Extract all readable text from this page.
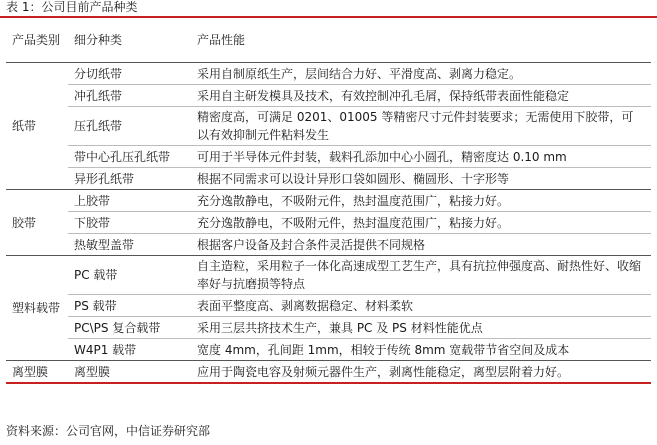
表 1：公司目前产品种类
产品类别	细分种类	产品性能
纸带	分切纸带	采用自制原纸生产，层间结合力好、平滑度高、剥离力稳定。
	冲孔纸带	采用自主研发模具及技术，有效控制冲孔毛屑，保持纸带表面性能稳定
	压孔纸带	精密度高，可满足 0201、01005 等精密尺寸元件封装要求；无需使用下胶带，可以有效抑制元件粘料发生
	带中心孔压孔纸带	可用于半导体元件封装，载料孔添加中心小圆孔，精密度达 0.10 mm
	异形孔纸带	根据不同需求可以设计异形口袋如圆形、椭圆形、十字形等
胶带	上胶带	充分逸散静电，不吸附元件，热封温度范围广，粘接力好。
	下胶带	充分逸散静电，不吸附元件，热封温度范围广，粘接力好。
	热敏型盖带	根据客户设备及封合条件灵活提供不同规格
塑料载带	PC 载带	自主造粒，采用粒子一体化高速成型工艺生产，具有抗拉伸强度高、耐热性好、收缩率好与抗磨损等特点
	PS 载带	表面平整度高、剥离数据稳定、材料柔软
	PC\PS 复合载带	采用三层共挤技术生产，兼具 PC 及 PS 材料性能优点
	W4P1 载带	宽度 4mm，孔间距 1mm，相较于传统 8mm 宽载带节省空间及成本
离型膜	离型膜	应用于陶瓷电容及射频元器件生产，剥离性能稳定，离型层附着力好。
资料来源：公司官网，中信证券研究部
